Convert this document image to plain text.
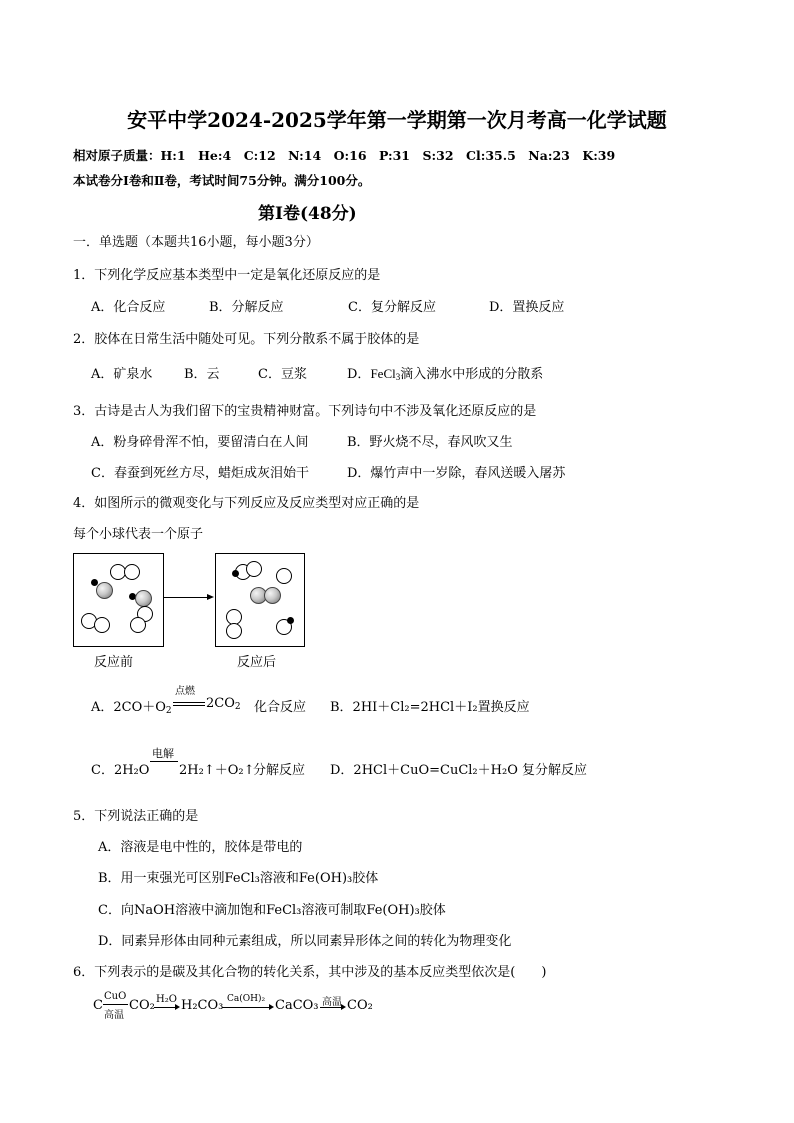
安平中学2024-2025学年第一学期第一次月考高一化学试题
相对原子质量：H:1　He:4　C:12　N:14　O:16　P:31　S:32　Cl:35.5　Na:23　K:39
本试卷分Ⅰ卷和Ⅱ卷，考试时间75分钟。满分100分。
第Ⅰ卷(48分)
一．单选题（本题共16小题，每小题3分）
1．下列化学反应基本类型中一定是氧化还原反应的是
A．化合反应	B．分解反应	C．复分解反应	D．置换反应
2．胶体在日常生活中随处可见。下列分散系不属于胶体的是
A．矿泉水 B．云	C．豆浆	D．FeCl$_3$滴入沸水中形成的分散系
3．古诗是古人为我们留下的宝贵精神财富。下列诗句中不涉及氧化还原反应的是
A．粉身碎骨浑不怕，要留清白在人间	B．野火烧不尽，春风吹又生
C．春蚕到死丝方尽，蜡炬成灰泪始干	D．爆竹声中一岁除，春风送暖入屠苏
4．如图所示的微观变化与下列反应及反应类型对应正确的是
每个小球代表一个原子
反应前	反应后
A．$2CO+O_2$
点燃
$2CO_2$ 化合反应 B．2HI＋Cl₂=2HCl＋I₂置换反应
C．2H₂O
电解
2H₂↑＋O₂↑
分解反应 D．2HCl＋CuO=CuCl₂＋H₂O 复分解反应
5．下列说法正确的是
A．溶液是电中性的，胶体是带电的
B．用一束强光可区别FeCl₃溶液和Fe(OH)₃胶体
C．向NaOH溶液中滴加饱和FeCl₃溶液可制取Fe(OH)₃胶体
D．同素异形体由同种元素组成，所以同素异形体之间的转化为物理变化
6．下列表示的是碳及其化合物的转化关系，其中涉及的基本反应类型依次是(　　)
C
CuO
高温
CO₂ H₂O H₂CO₃ Ca(OH)₂ CaCO₃ 高温 CO₂
